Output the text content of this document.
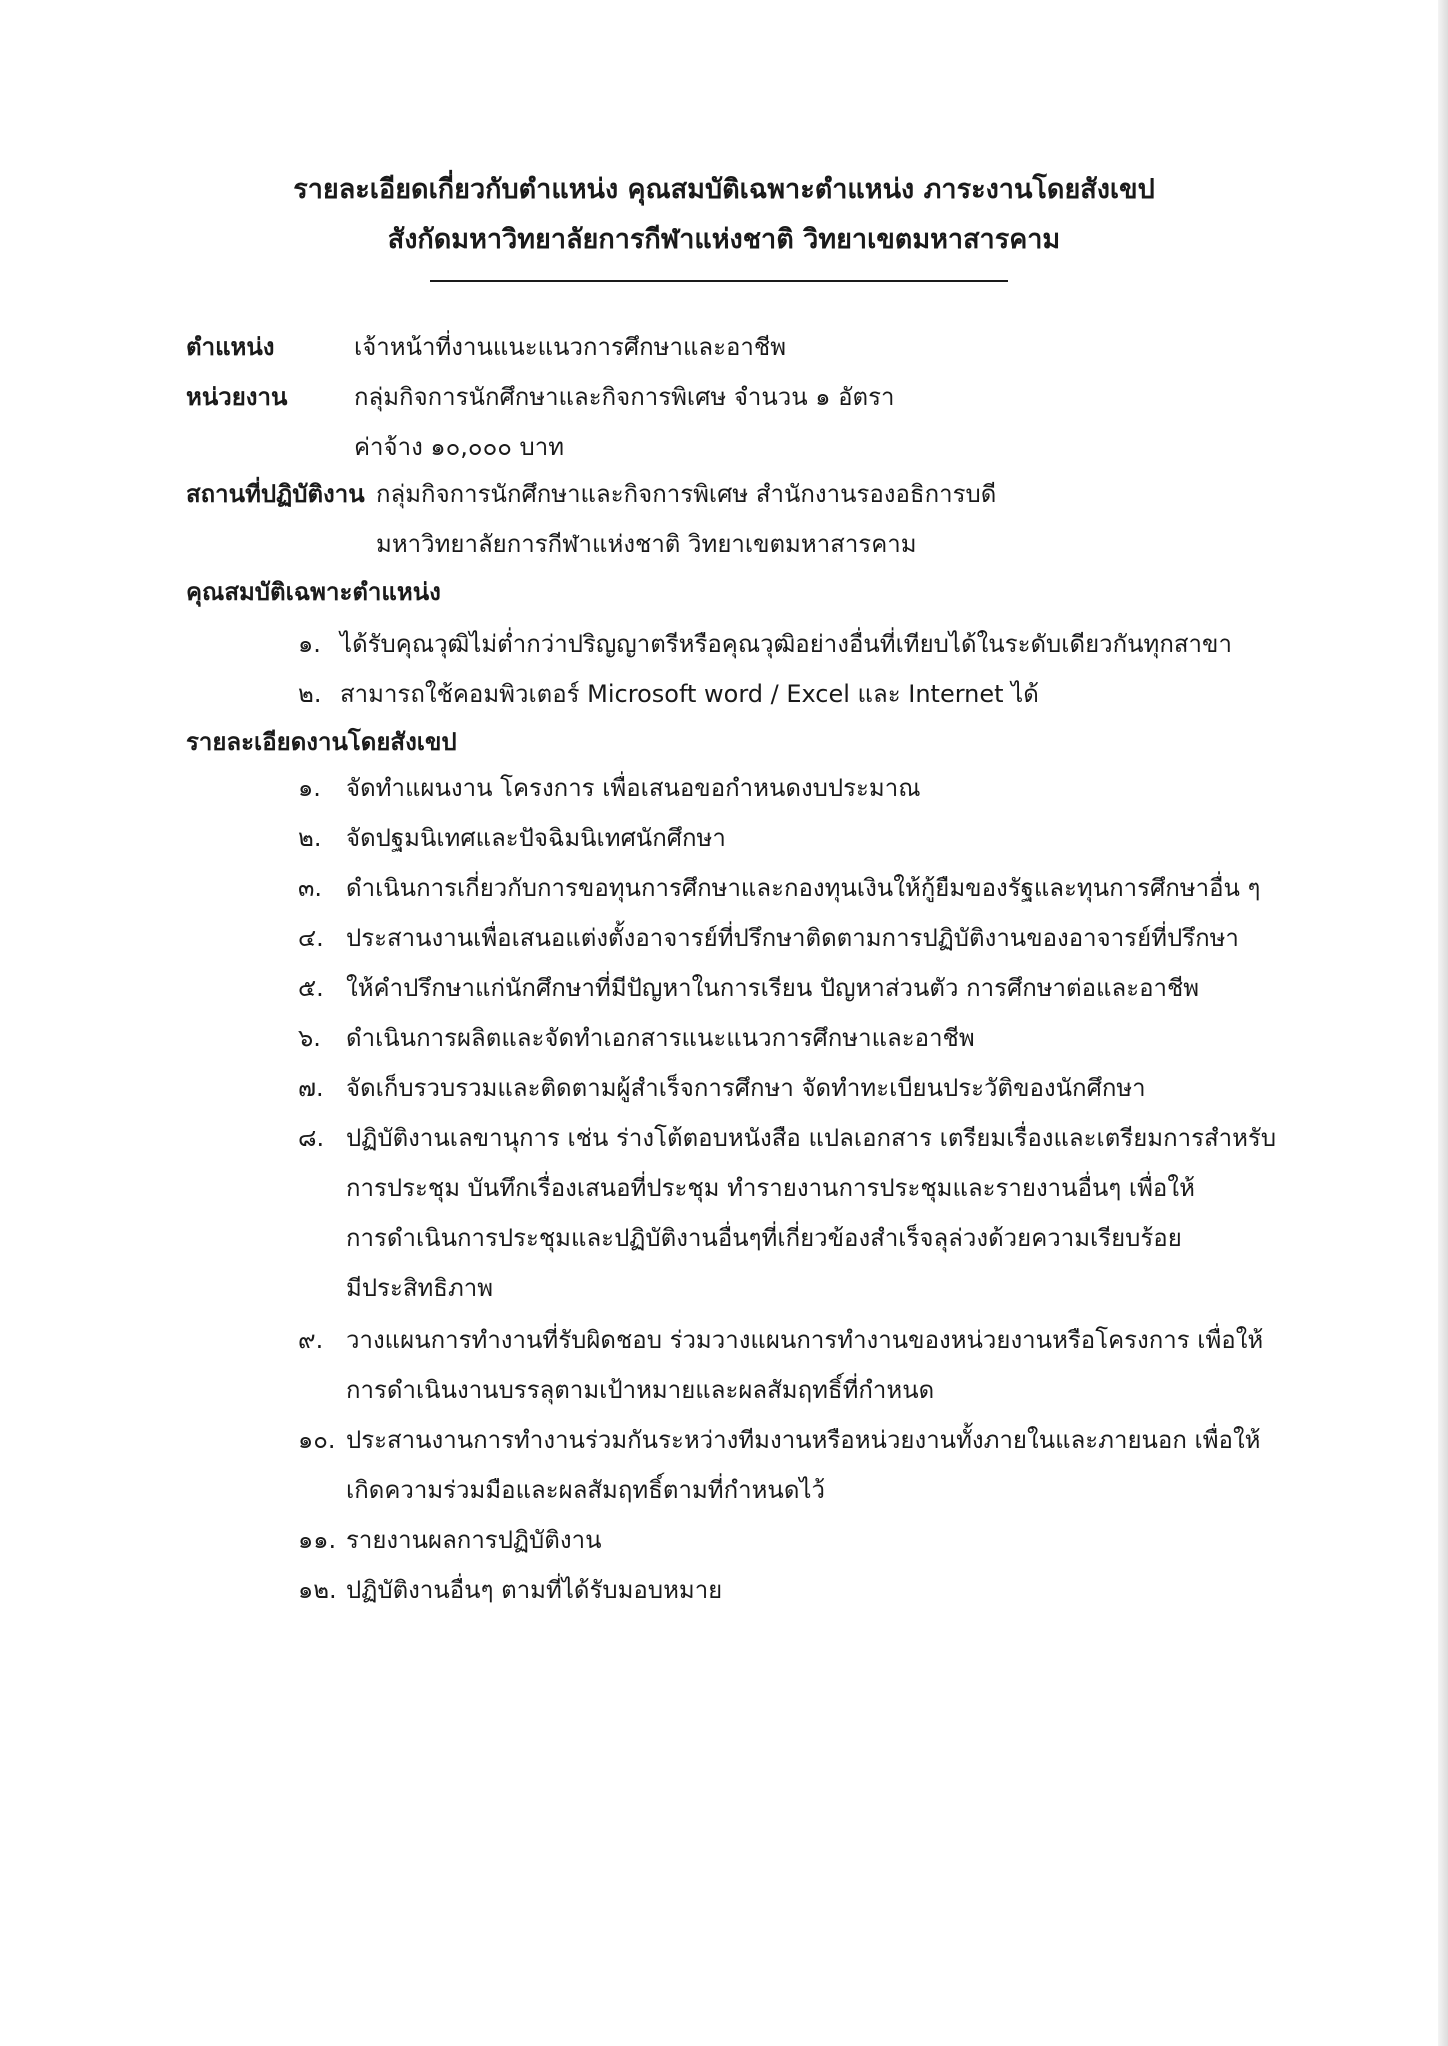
รายละเอียดเกี่ยวกับตำแหน่ง คุณสมบัติเฉพาะตำแหน่ง ภาระงานโดยสังเขป
สังกัดมหาวิทยาลัยการกีฬาแห่งชาติ วิทยาเขตมหาสารคาม
ตำแหน่ง	เจ้าหน้าที่งานแนะแนวการศึกษาและอาชีพ
หน่วยงาน	กลุ่มกิจการนักศึกษาและกิจการพิเศษ จำนวน ๑ อัตรา
ค่าจ้าง ๑๐,๐๐๐ บาท
สถานที่ปฏิบัติงาน กลุ่มกิจการนักศึกษาและกิจการพิเศษ สำนักงานรองอธิการบดี
มหาวิทยาลัยการกีฬาแห่งชาติ วิทยาเขตมหาสารคาม
คุณสมบัติเฉพาะตำแหน่ง
๑. ได้รับคุณวุฒิไม่ต่ำกว่าปริญญาตรีหรือคุณวุฒิอย่างอื่นที่เทียบได้ในระดับเดียวกันทุกสาขา
๒. สามารถใช้คอมพิวเตอร์ Microsoft word / Excel และ Internet ได้
รายละเอียดงานโดยสังเขป
๑.	จัดทำแผนงาน โครงการ เพื่อเสนอขอกำหนดงบประมาณ
๒.	จัดปฐมนิเทศและปัจฉิมนิเทศนักศึกษา
๓. ดำเนินการเกี่ยวกับการขอทุนการศึกษาและกองทุนเงินให้กู้ยืมของรัฐและทุนการศึกษาอื่น ๆ
๔. ประสานงานเพื่อเสนอแต่งตั้งอาจารย์ที่ปรึกษาติดตามการปฏิบัติงานของอาจารย์ที่ปรึกษา
๕. ให้คำปรึกษาแก่นักศึกษาที่มีปัญหาในการเรียน ปัญหาส่วนตัว การศึกษาต่อและอาชีพ
๖.	ดำเนินการผลิตและจัดทำเอกสารแนะแนวการศึกษาและอาชีพ
๗. จัดเก็บรวบรวมและติดตามผู้สำเร็จการศึกษา จัดทำทะเบียนประวัติของนักศึกษา
๘. ปฏิบัติงานเลขานุการ เช่น ร่างโต้ตอบหนังสือ แปลเอกสาร เตรียมเรื่องและเตรียมการสำหรับ
การประชุม บันทึกเรื่องเสนอที่ประชุม ทำรายงานการประชุมและรายงานอื่นๆ เพื่อให้
การดำเนินการประชุมและปฏิบัติงานอื่นๆที่เกี่ยวข้องสำเร็จลุล่วงด้วยความเรียบร้อย
มีประสิทธิภาพ
๙. วางแผนการทำงานที่รับผิดชอบ ร่วมวางแผนการทำงานของหน่วยงานหรือโครงการ เพื่อให้
การดำเนินงานบรรลุตามเป้าหมายและผลสัมฤทธิ์ที่กำหนด
๑๐. ประสานงานการทำงานร่วมกันระหว่างทีมงานหรือหน่วยงานทั้งภายในและภายนอก เพื่อให้
เกิดความร่วมมือและผลสัมฤทธิ์ตามที่กำหนดไว้
๑๑. รายงานผลการปฏิบัติงาน
๑๒. ปฏิบัติงานอื่นๆ ตามที่ได้รับมอบหมาย
